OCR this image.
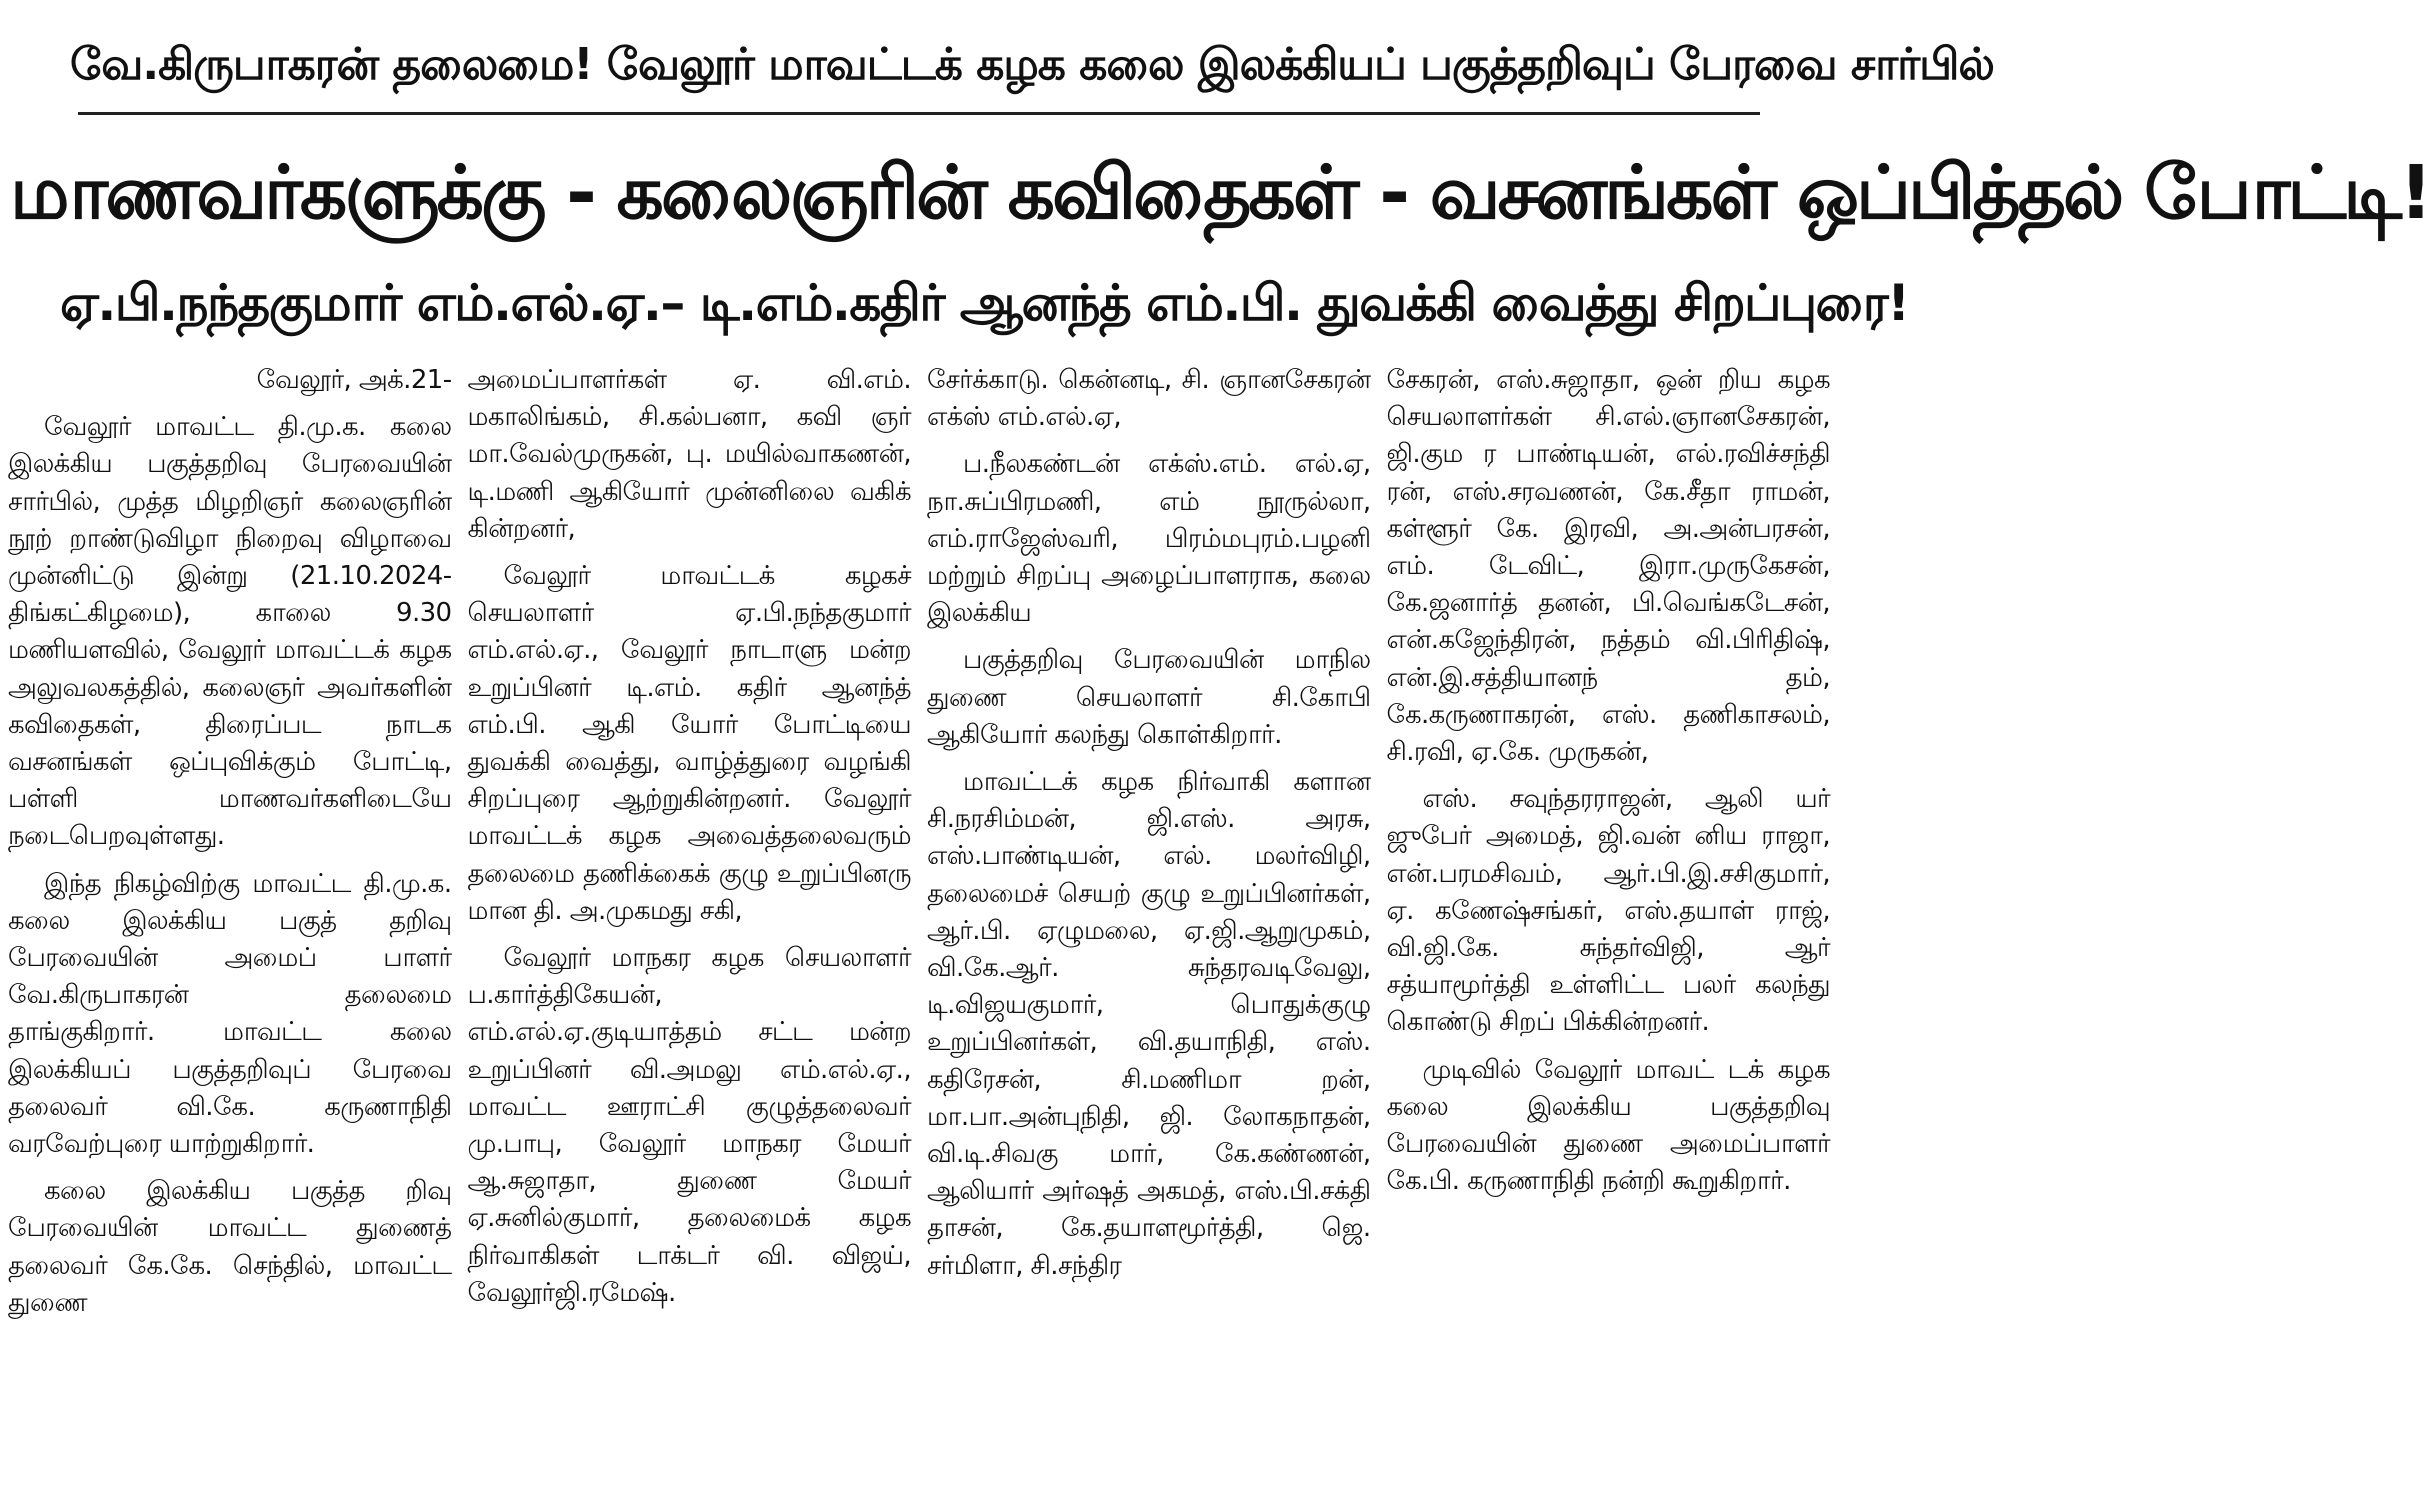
வே.கிருபாகரன் தலைமை! வேலூர் மாவட்டக் கழக கலை இலக்கியப் பகுத்தறிவுப் பேரவை சார்பில்
மாணவர்களுக்கு - கலைஞரின் கவிதைகள் - வசனங்கள் ஒப்பித்தல் போட்டி!
ஏ.பி.நந்தகுமார் எம்.எல்.ஏ.– டி.எம்.கதிர் ஆனந்த் எம்.பி. துவக்கி வைத்து சிறப்புரை!

வேலூர், அக்.21-

வேலூர் மாவட்ட தி.மு.க. கலை இலக்கிய பகுத்தறிவு பேரவையின் சார்பில், முத்த மிழறிஞர் கலைஞரின் நூற் றாண்டுவிழா நிறைவு விழாவை முன்னிட்டு இன்று (21.10.2024- திங்கட்கிழமை), காலை 9.30 மணியளவில், வேலூர் மாவட்டக் கழக அலுவலகத்தில், கலைஞர் அவர்களின் கவிதைகள், திரைப்பட நாடக வசனங்கள் ஒப்புவிக்கும் போட்டி, பள்ளி மாணவர்களிடையே நடைபெறவுள்ளது.

இந்த நிகழ்விற்கு மாவட்ட தி.மு.க. கலை இலக்கிய பகுத் தறிவு பேரவையின் அமைப் பாளர் வே.கிருபாகரன் தலைமை தாங்குகிறார். மாவட்ட கலை இலக்கியப் பகுத்தறிவுப் பேரவை தலைவர் வி.கே. கருணாநிதி வரவேற்புரை யாற்றுகிறார்.

கலை இலக்கிய பகுத்த றிவு பேரவையின் மாவட்ட துணைத் தலைவர் கே.கே. செந்தில், மாவட்ட துணை

அமைப்பாளர்கள் ஏ. வி.எம். மகாலிங்கம், சி.கல்பனா, கவி ஞர் மா.வேல்முருகன், பு. மயில்வாகணன், டி.மணி ஆகியோர் முன்னிலை வகிக் கின்றனர்,

வேலூர் மாவட்டக் கழகச் செயலாளர் ஏ.பி.நந்தகுமார் எம்.எல்.ஏ., வேலூர் நாடாளு மன்ற உறுப்பினர் டி.எம். கதிர் ஆனந்த் எம்.பி. ஆகி யோர் போட்டியை துவக்கி வைத்து, வாழ்த்துரை வழங்கி சிறப்புரை ஆற்றுகின்றனர். வேலூர் மாவட்டக் கழக அவைத்தலைவரும் தலைமை தணிக்கைக் குழு உறுப்பினரு மான தி. அ.முகமது சகி,

வேலூர் மாநகர கழக செயலாளர் ப.கார்த்திகேயன், எம்.எல்.ஏ.குடியாத்தம் சட்ட மன்ற உறுப்பினர் வி.அமலு எம்.எல்.ஏ., மாவட்ட ஊராட்சி குழுத்தலைவர் மு.பாபு, வேலூர் மாநகர மேயர் ஆ.சுஜாதா, துணை மேயர் ஏ.சுனில்குமார், தலைமைக் கழக நிர்வாகிகள் டாக்டர் வி. விஜய், வேலூர்ஜி.ரமேஷ்.

சேர்க்காடு. கென்னடி, சி. ஞானசேகரன் எக்ஸ் எம்.எல்.ஏ,

ப.நீலகண்டன் எக்ஸ்.எம். எல்.ஏ, நா.சுப்பிரமணி, எம் நூருல்லா, எம்.ராஜேஸ்வரி, பிரம்மபுரம்.பழனி மற்றும் சிறப்பு அழைப்பாளராக, கலை இலக்கிய

பகுத்தறிவு பேரவையின் மாநில துணை செயலாளர் சி.கோபி ஆகியோர் கலந்து கொள்கிறார்.

மாவட்டக் கழக நிர்வாகி களான சி.நரசிம்மன், ஜி.எஸ். அரசு, எஸ்.பாண்டியன், எல். மலர்விழி, தலைமைச் செயற் குழு உறுப்பினர்கள், ஆர்.பி. ஏழுமலை, ஏ.ஜி.ஆறுமுகம், வி.கே.ஆர். சுந்தரவடிவேலு, டி.விஜயகுமார், பொதுக்குழு உறுப்பினர்கள், வி.தயாநிதி, எஸ். கதிரேசன், சி.மணிமா றன், மா.பா.அன்புநிதி, ஜி. லோகநாதன், வி.டி.சிவகு மார், கே.கண்ணன், ஆலியார் அர்ஷத் அகமத், எஸ்.பி.சக்தி தாசன், கே.தயாளமூர்த்தி, ஜெ. சர்மிளா, சி.சந்திர

சேகரன், எஸ்.சுஜாதா, ஒன் றிய கழக செயலாளர்கள் சி.எல்.ஞானசேகரன், ஜி.கும ர பாண்டியன், எல்.ரவிச்சந்தி ரன், எஸ்.சரவணன், கே.சீதா ராமன், கள்ளூர் கே. இரவி, அ.அன்பரசன், எம். டேவிட், இரா.முருகேசன், கே.ஜனார்த் தனன், பி.வெங்கடேசன், என்.கஜேந்திரன், நத்தம் வி.பிரிதிஷ், என்.இ.சத்தியானந் தம், கே.கருணாகரன், எஸ். தணிகாசலம், சி.ரவி, ஏ.கே. முருகன்,

எஸ். சவுந்தரராஜன், ஆலி யர் ஜுபேர் அமைத், ஜி.வன் னிய ராஜா, என்.பரமசிவம், ஆர்.பி.இ.சசிகுமார், ஏ. கணேஷ்சங்கர், எஸ்.தயாள் ராஜ், வி.ஜி.கே. சுந்தர்விஜி, ஆர் சத்யாமூர்த்தி உள்ளிட்ட பலர் கலந்து கொண்டு சிறப் பிக்கின்றனர்.

முடிவில் வேலூர் மாவட் டக் கழக கலை இலக்கிய பகுத்தறிவு பேரவையின் துணை அமைப்பாளர் கே.பி. கருணாநிதி நன்றி கூறுகிறார்.
